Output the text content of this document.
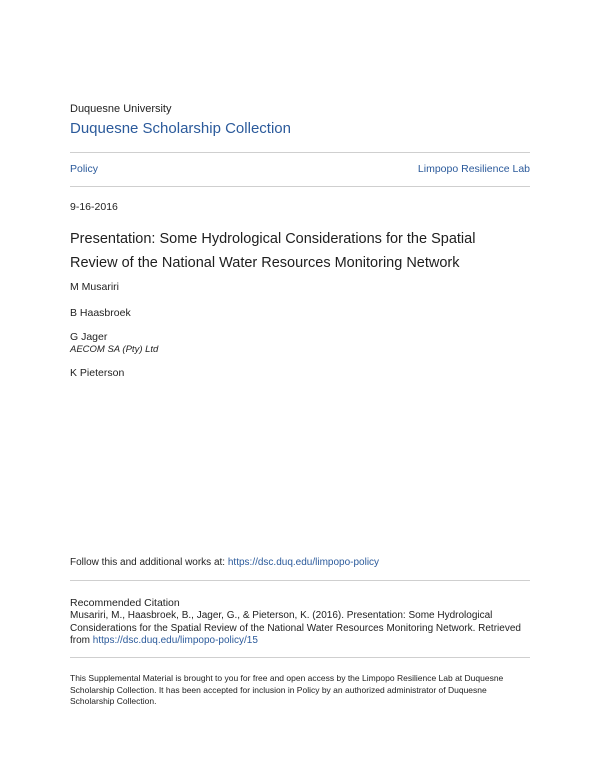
Duquesne University
Duquesne Scholarship Collection
Policy	Limpopo Resilience Lab
9-16-2016
Presentation: Some Hydrological Considerations for the Spatial
Review of the National Water Resources Monitoring Network
M Musariri
B Haasbroek
G Jager
AECOM SA (Pty) Ltd
K Pieterson
Follow this and additional works at: https://dsc.duq.edu/limpopo-policy
Recommended Citation
Musariri, M., Haasbroek, B., Jager, G., & Pieterson, K. (2016). Presentation: Some Hydrological
Considerations for the Spatial Review of the National Water Resources Monitoring Network. Retrieved
from https://dsc.duq.edu/limpopo-policy/15
This Supplemental Material is brought to you for free and open access by the Limpopo Resilience Lab at Duquesne
Scholarship Collection. It has been accepted for inclusion in Policy by an authorized administrator of Duquesne
Scholarship Collection.
